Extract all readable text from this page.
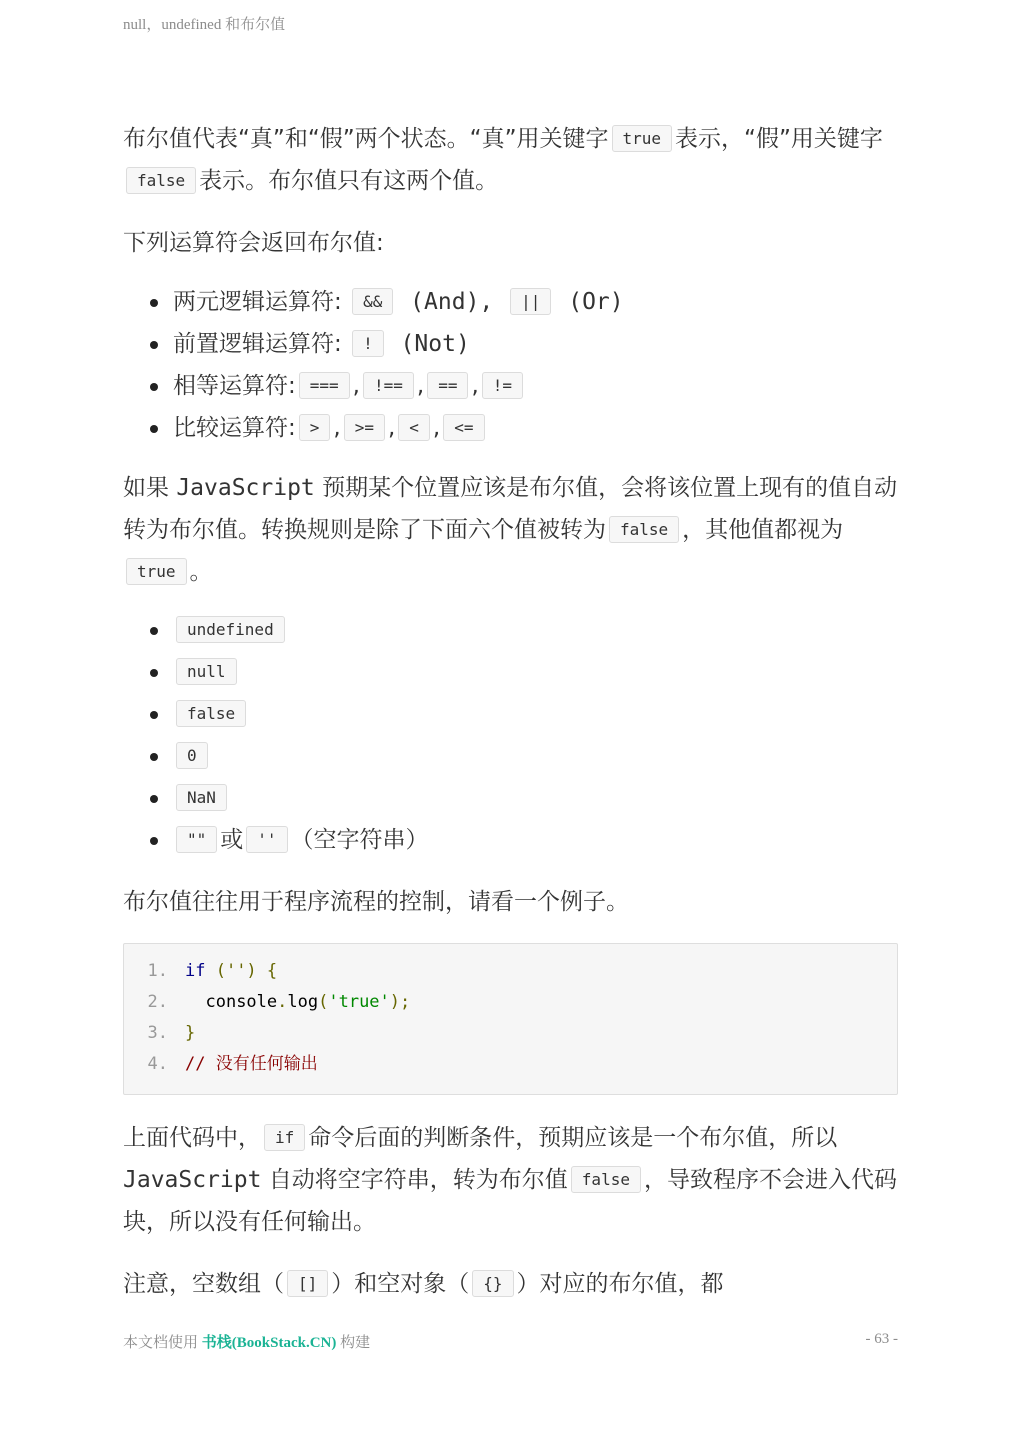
null，undefined 和布尔值
布尔值代表“真”和“假”两个状态。“真”用关键字 true 表示，“假”用关键字false 表示。布尔值只有这两个值。
下列运算符会返回布尔值:
两元逻辑运算符: && (And), || (Or)
前置逻辑运算符: ! (Not)
相等运算符: === , !== , == , !=
比较运算符: > , >= , < , <=
如果 JavaScript 预期某个位置应该是布尔值，会将该位置上现有的值自动转为布尔值。转换规则是除了下面六个值被转为 false ，其他值都视为true 。
undefined
null
false
0
NaN
"" 或 '' （空字符串）
布尔值往往用于程序流程的控制，请看一个例子。
1.	if ('') {
2.	console.log('true');
3.	}
4.	// 没有任何输出
上面代码中， if 命令后面的判断条件，预期应该是一个布尔值，所以JavaScript 自动将空字符串，转为布尔值 false ，导致程序不会进入代码块，所以没有任何输出。
注意，空数组（ [] ）和空对象（ {} ）对应的布尔值，都
本文档使用 书栈(BookStack.CN) 构建	- 63 -
